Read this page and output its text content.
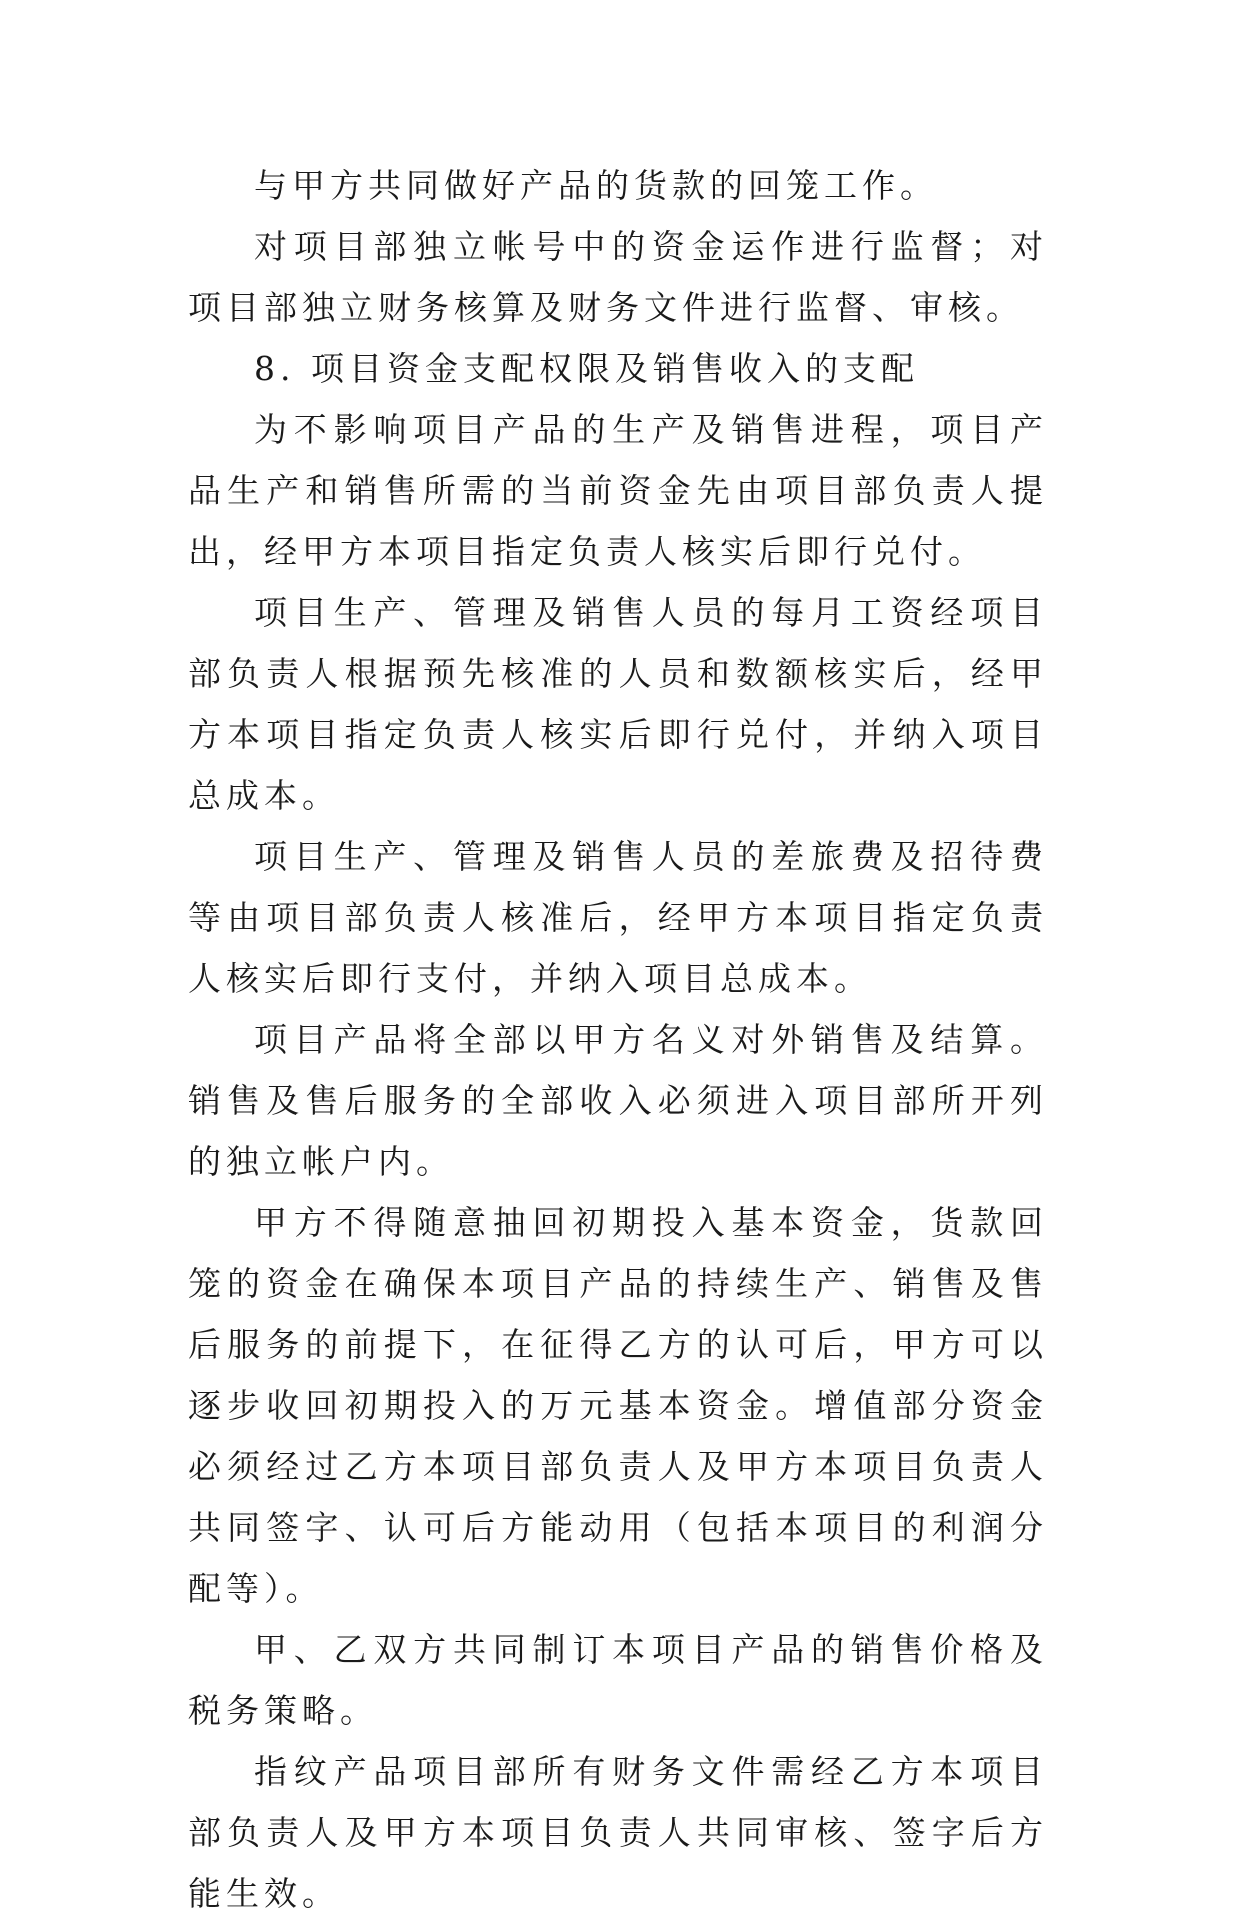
与甲方共同做好产品的货款的回笼工作。

对项目部独立帐号中的资金运作进行监督；对项目部独立财务核算及财务文件进行监督、审核。

8. 项目资金支配权限及销售收入的支配

为不影响项目产品的生产及销售进程，项目产品生产和销售所需的当前资金先由项目部负责人提出，经甲方本项目指定负责人核实后即行兑付。

项目生产、管理及销售人员的每月工资经项目部负责人根据预先核准的人员和数额核实后，经甲方本项目指定负责人核实后即行兑付，并纳入项目总成本。

项目生产、管理及销售人员的差旅费及招待费等由项目部负责人核准后，经甲方本项目指定负责人核实后即行支付，并纳入项目总成本。

项目产品将全部以甲方名义对外销售及结算。销售及售后服务的全部收入必须进入项目部所开列的独立帐户内。

甲方不得随意抽回初期投入基本资金，货款回笼的资金在确保本项目产品的持续生产、销售及售后服务的前提下，在征得乙方的认可后，甲方可以逐步收回初期投入的万元基本资金。增值部分资金必须经过乙方本项目部负责人及甲方本项目负责人共同签字、认可后方能动用（包括本项目的利润分配等）。

甲、乙双方共同制订本项目产品的销售价格及税务策略。

指纹产品项目部所有财务文件需经乙方本项目部负责人及甲方本项目负责人共同审核、签字后方能生效。
